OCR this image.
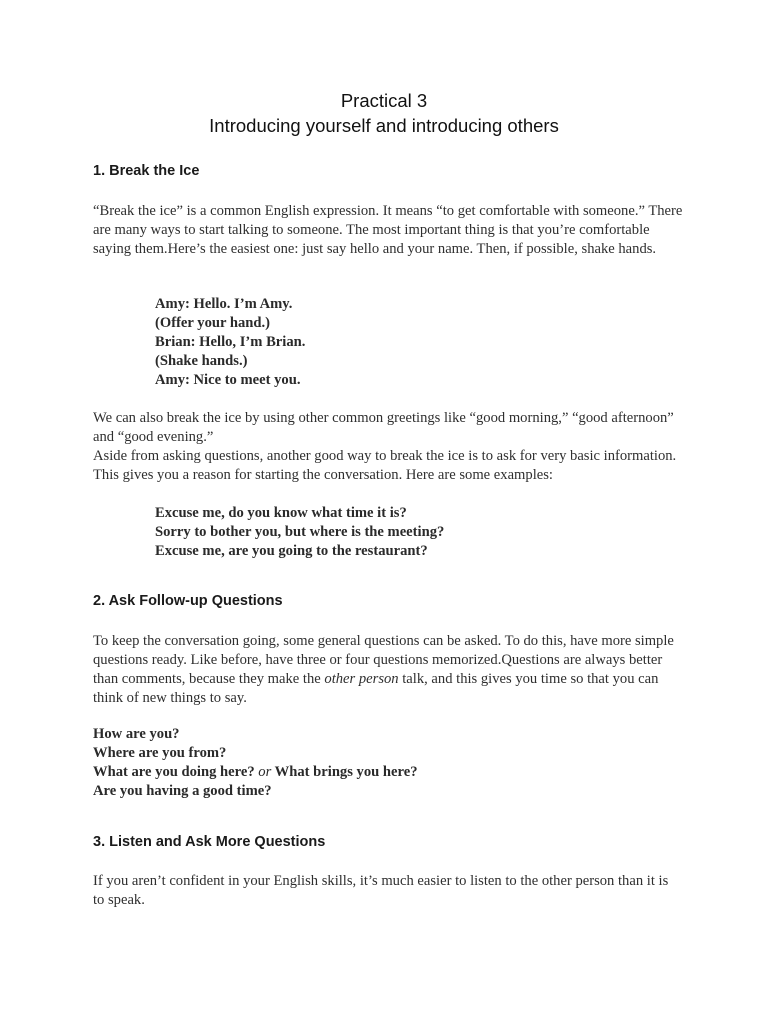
Practical 3
Introducing yourself and introducing others
1. Break the Ice

“Break the ice” is a common English expression. It means “to get comfortable with someone.” There are many ways to start talking to someone. The most important thing is that you’re comfortable saying them.Here’s the easiest one: just say hello and your name. Then, if possible, shake hands.

Amy: Hello. I’m Amy.
(Offer your hand.)
Brian: Hello, I’m Brian.
(Shake hands.)
Amy: Nice to meet you.

We can also break the ice by using other common greetings like “good morning,” “good afternoon” and “good evening.”

Aside from asking questions, another good way to break the ice is to ask for very basic information. This gives you a reason for starting the conversation. Here are some examples:

Excuse me, do you know what time it is?
Sorry to bother you, but where is the meeting?
Excuse me, are you going to the restaurant?
2. Ask Follow-up Questions

To keep the conversation going, some general questions can be asked. To do this, have more simple questions ready. Like before, have three or four questions memorized.Questions are always better than comments, because they make the other person talk, and this gives you time so that you can think of new things to say.

How are you?
Where are you from?
What are you doing here? or What brings you here?
Are you having a good time?
3. Listen and Ask More Questions

If you aren’t confident in your English skills, it’s much easier to listen to the other person than it is to speak.
